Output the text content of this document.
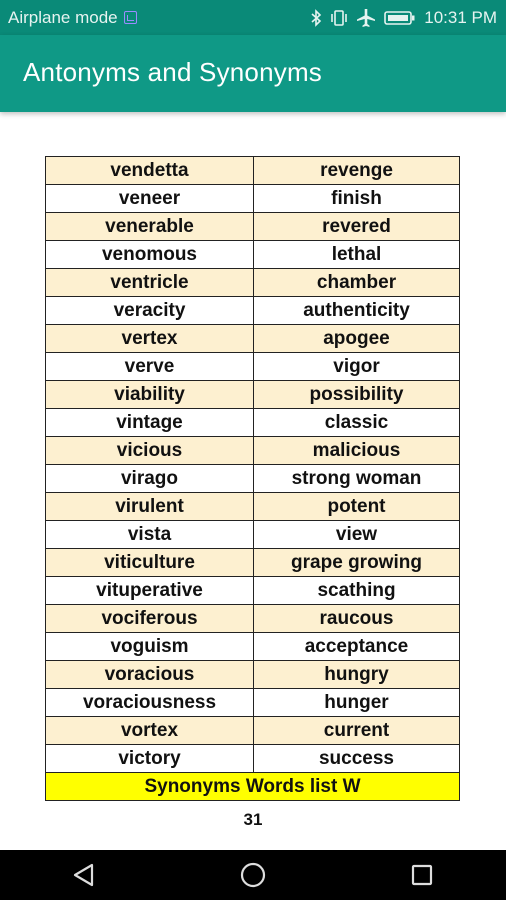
Airplane mode	10:31 PM
Antonyms and Synonyms
vendetta	revenge
veneer	finish
venerable	revered
venomous	lethal
ventricle	chamber
veracity	authenticity
vertex	apogee
verve	vigor
viability	possibility
vintage	classic
vicious	malicious
virago	strong woman
virulent	potent
vista	view
viticulture	grape growing
vituperative	scathing
vociferous	raucous
voguism	acceptance
voracious	hungry
voraciousness	hunger
vortex	current
victory	success
Synonyms Words list W	
31
